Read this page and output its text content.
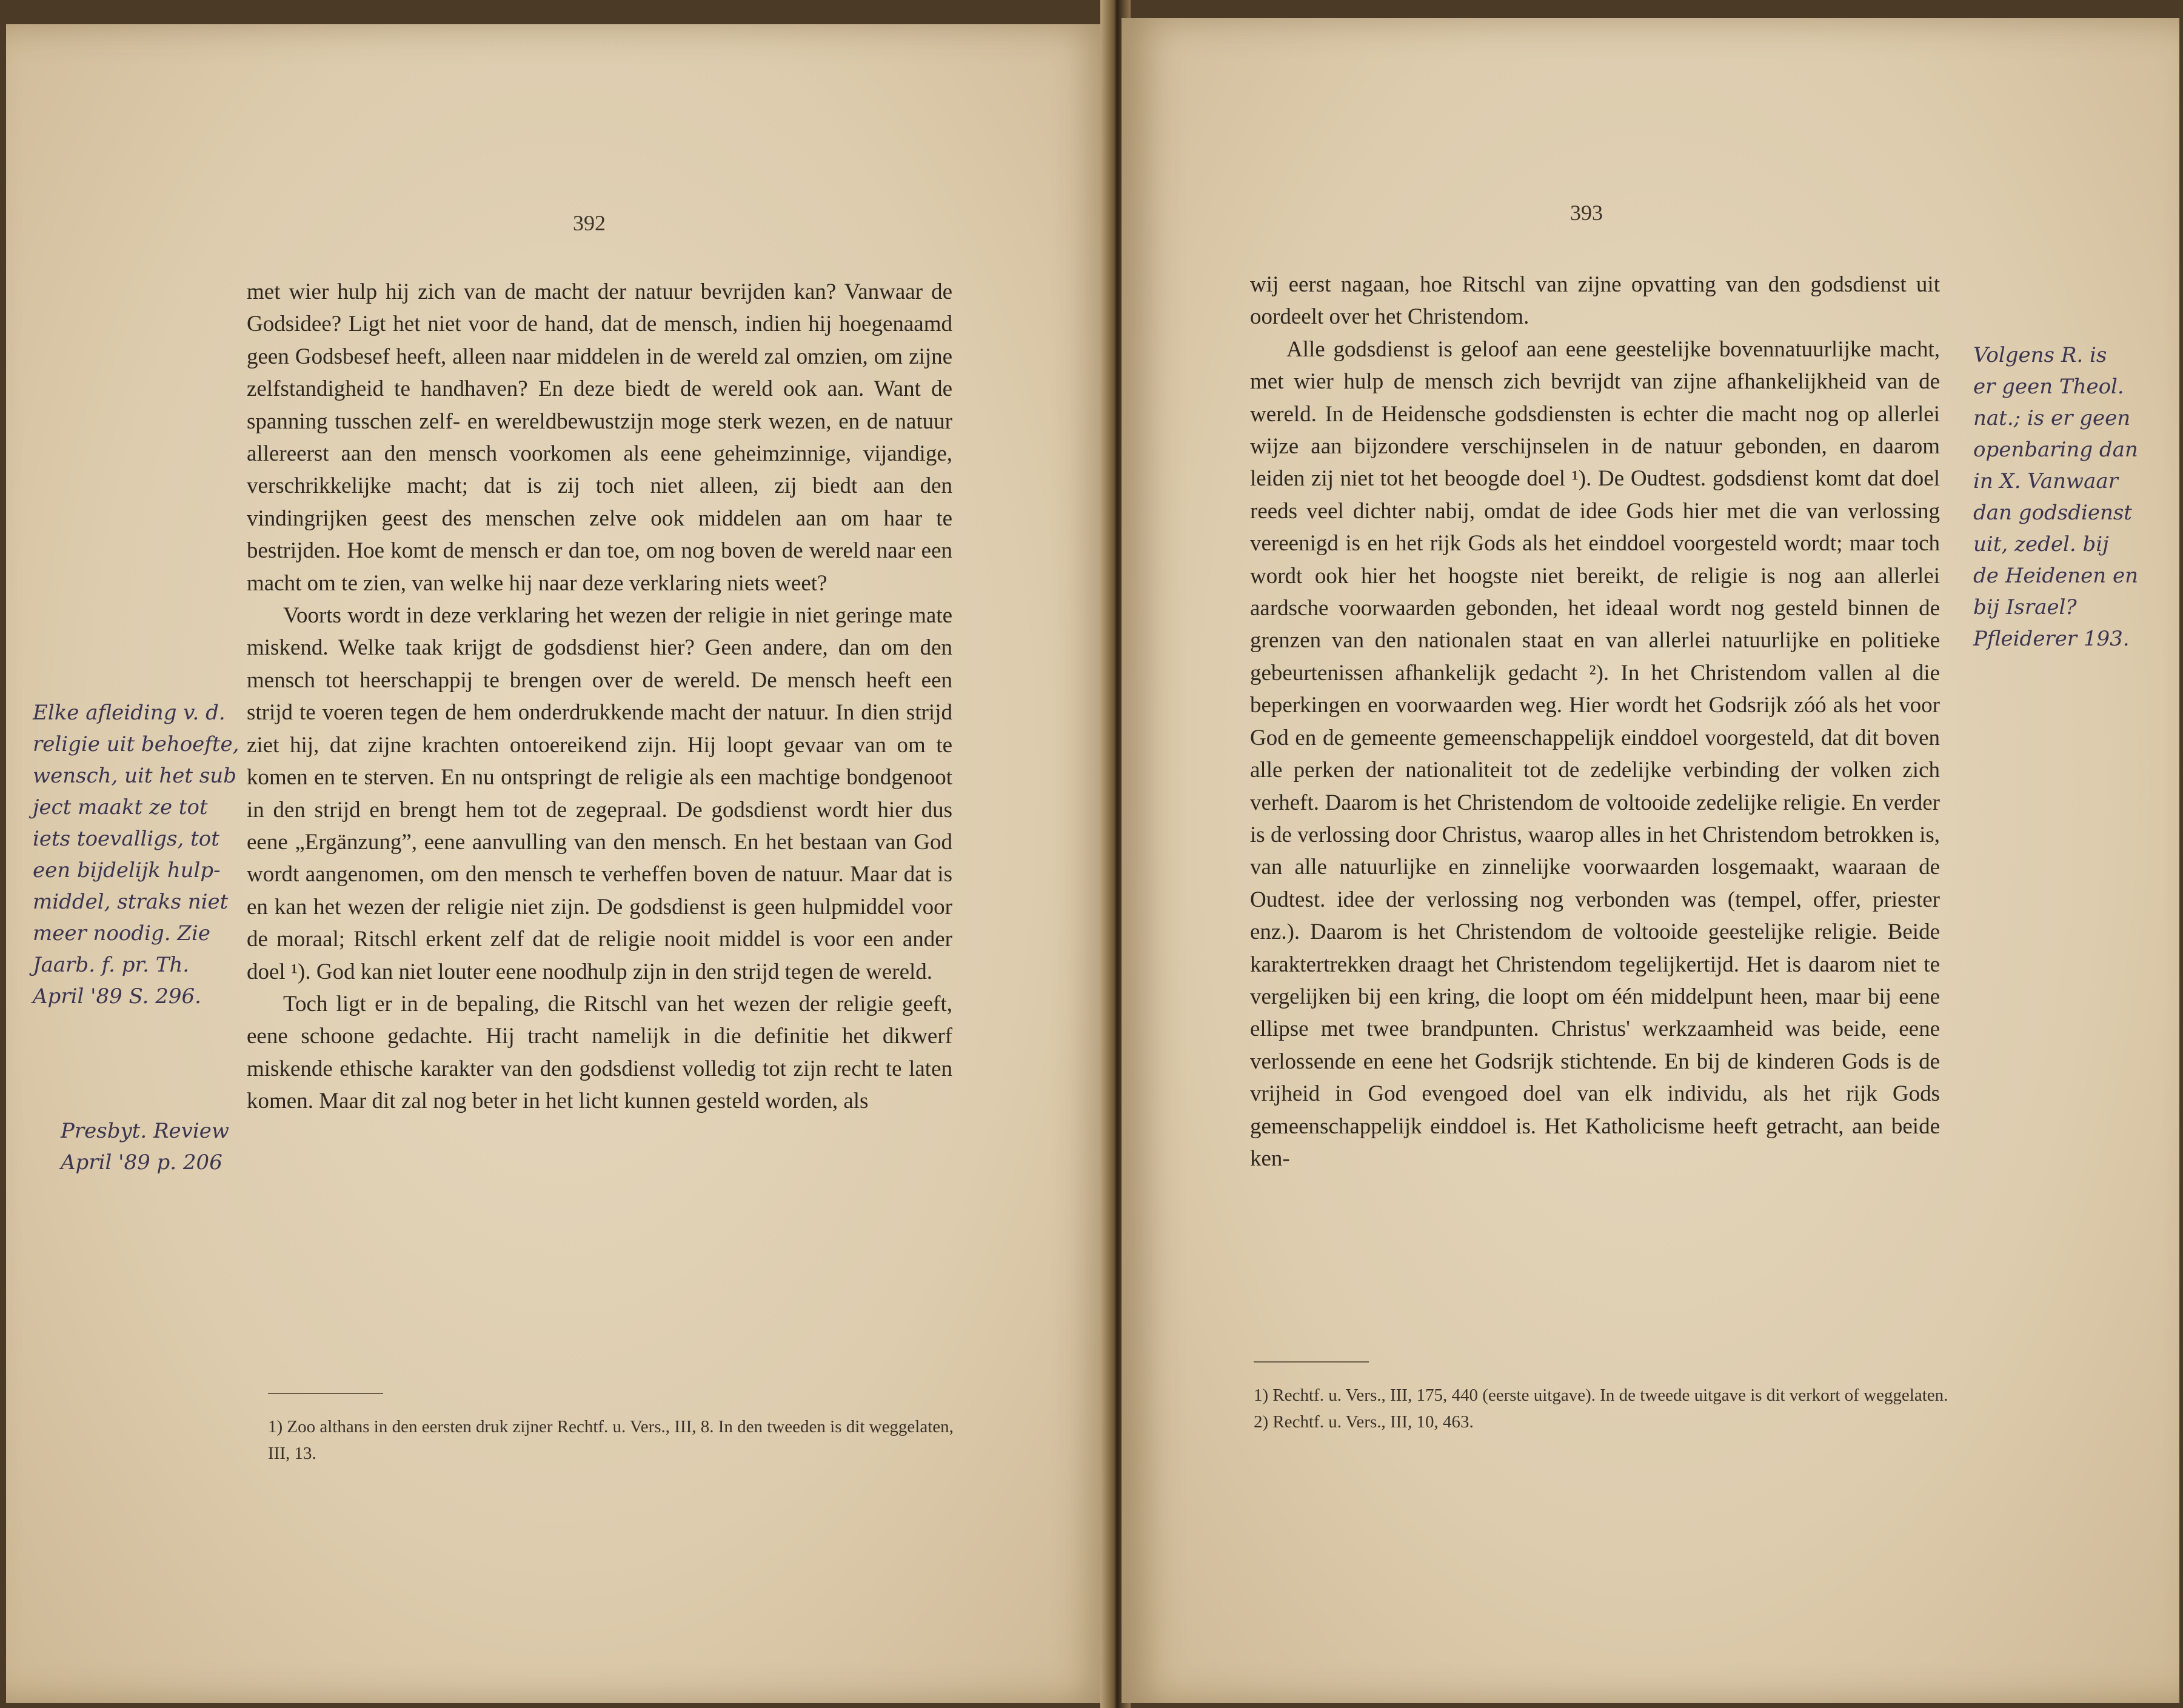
392

met wier hulp hij zich van de macht der natuur bevrijden kan? Vanwaar de Godsidee? Ligt het niet voor de hand, dat de mensch, indien hij hoegenaamd geen Godsbesef heeft, alleen naar middelen in de wereld zal omzien, om zijne zelfstandigheid te handhaven? En deze biedt de wereld ook aan. Want de spanning tusschen zelf- en wereldbewustzijn moge sterk wezen, en de natuur allereerst aan den mensch voorkomen als eene geheimzinnige, vijandige, verschrikkelijke macht; dat is zij toch niet alleen, zij biedt aan den vindingrijken geest des menschen zelve ook middelen aan om haar te bestrijden. Hoe komt de mensch er dan toe, om nog boven de wereld naar een macht om te zien, van welke hij naar deze verklaring niets weet?

Voorts wordt in deze verklaring het wezen der religie in niet geringe mate miskend. Welke taak krijgt de godsdienst hier? Geen andere, dan om den mensch tot heerschappij te brengen over de wereld. De mensch heeft een strijd te voeren tegen de hem onderdrukkende macht der natuur. In dien strijd ziet hij, dat zijne krachten ontoereikend zijn. Hij loopt gevaar van om te komen en te sterven. En nu ontspringt de religie als een machtige bondgenoot in den strijd en brengt hem tot de zegepraal. De godsdienst wordt hier dus eene „Ergänzung”, eene aanvulling van den mensch. En het bestaan van God wordt aangenomen, om den mensch te verheffen boven de natuur. Maar dat is en kan het wezen der religie niet zijn. De godsdienst is geen hulpmiddel voor de moraal; Ritschl erkent zelf dat de religie nooit middel is voor een ander doel ¹). God kan niet louter eene noodhulp zijn in den strijd tegen de wereld.

Toch ligt er in de bepaling, die Ritschl van het wezen der religie geeft, eene schoone gedachte. Hij tracht namelijk in die definitie het dikwerf miskende ethische karakter van den godsdienst volledig tot zijn recht te laten komen. Maar dit zal nog beter in het licht kunnen gesteld worden, als

1) Zoo althans in den eersten druk zijner Rechtf. u. Vers., III, 8. In den tweeden is dit weggelaten, III, 13.

Elke afleiding v. d.
religie uit behoefte,
wensch, uit het sub
ject maakt ze tot
iets toevalligs, tot
een bijdelijk hulp-
middel, straks niet
meer noodig. Zie
Jaarb. f. pr. Th.
April '89 S. 296.
Presbyt. Review
April '89 p. 206
393

wij eerst nagaan, hoe Ritschl van zijne opvatting van den godsdienst uit oordeelt over het Christendom.

Alle godsdienst is geloof aan eene geestelijke bovennatuurlijke macht, met wier hulp de mensch zich bevrijdt van zijne afhankelijkheid van de wereld. In de Heidensche godsdiensten is echter die macht nog op allerlei wijze aan bijzondere verschijnselen in de natuur gebonden, en daarom leiden zij niet tot het beoogde doel ¹). De Oudtest. godsdienst komt dat doel reeds veel dichter nabij, omdat de idee Gods hier met die van verlossing vereenigd is en het rijk Gods als het einddoel voorgesteld wordt; maar toch wordt ook hier het hoogste niet bereikt, de religie is nog aan allerlei aardsche voorwaarden gebonden, het ideaal wordt nog gesteld binnen de grenzen van den nationalen staat en van allerlei natuurlijke en politieke gebeurtenissen afhankelijk gedacht ²). In het Christendom vallen al die beperkingen en voorwaarden weg. Hier wordt het Godsrijk zóó als het voor God en de gemeente gemeenschappelijk einddoel voorgesteld, dat dit boven alle perken der nationaliteit tot de zedelijke verbinding der volken zich verheft. Daarom is het Christendom de voltooide zedelijke religie. En verder is de verlossing door Christus, waarop alles in het Christendom betrokken is, van alle natuurlijke en zinnelijke voorwaarden losgemaakt, waaraan de Oudtest. idee der verlossing nog verbonden was (tempel, offer, priester enz.). Daarom is het Christendom de voltooide geestelijke religie. Beide karaktertrekken draagt het Christendom tegelijkertijd. Het is daarom niet te vergelijken bij een kring, die loopt om één middelpunt heen, maar bij eene ellipse met twee brandpunten. Christus' werkzaamheid was beide, eene verlossende en eene het Godsrijk stichtende. En bij de kinderen Gods is de vrijheid in God evengoed doel van elk individu, als het rijk Gods gemeenschappelijk einddoel is. Het Katholicisme heeft getracht, aan beide ken-

1) Rechtf. u. Vers., III, 175, 440 (eerste uitgave). In de tweede uitgave is dit verkort of weggelaten.

2) Rechtf. u. Vers., III, 10, 463.

Volgens R. is
er geen Theol.
nat.; is er geen
openbaring dan
in X. Vanwaar
dan godsdienst
uit, zedel. bij
de Heidenen en
bij Israel?
Pfleiderer 193.
